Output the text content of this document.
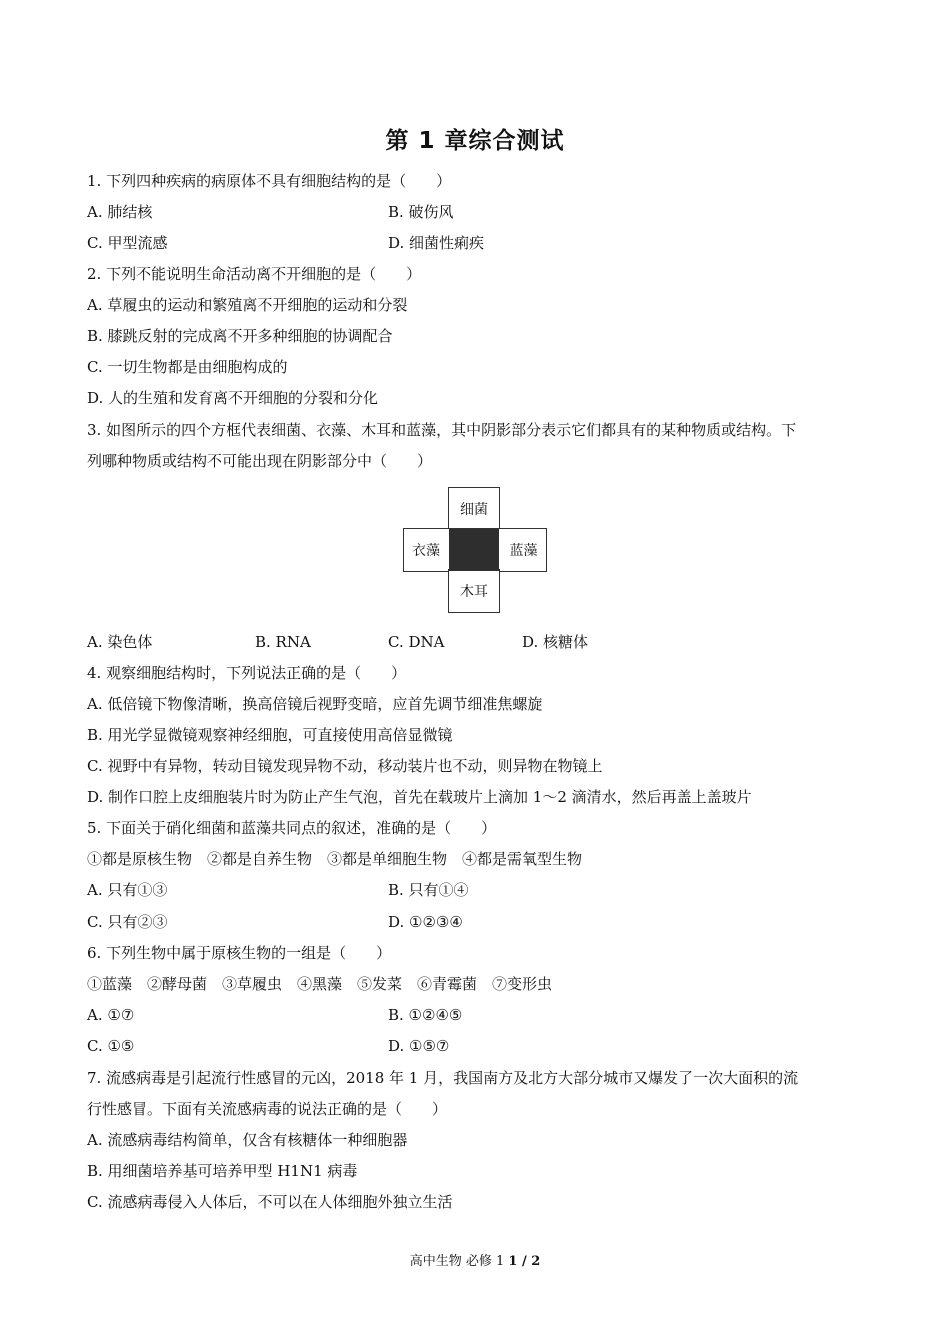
第 1 章综合测试
1. 下列四种疾病的病原体不具有细胞结构的是（　　）
A. 肺结核	B. 破伤风
C. 甲型流感	D. 细菌性痢疾
2. 下列不能说明生命活动离不开细胞的是（　　）
A. 草履虫的运动和繁殖离不开细胞的运动和分裂
B. 膝跳反射的完成离不开多种细胞的协调配合
C. 一切生物都是由细胞构成的
D. 人的生殖和发育离不开细胞的分裂和分化
3. 如图所示的四个方框代表细菌、衣藻、木耳和蓝藻，其中阴影部分表示它们都具有的某种物质或结构。下
列哪种物质或结构不可能出现在阴影部分中（　　）
细菌
木耳
衣藻	蓝藻
A. 染色体	B. RNA	C. DNA	D. 核糖体
4. 观察细胞结构时，下列说法正确的是（　　）
A. 低倍镜下物像清晰，换高倍镜后视野变暗，应首先调节细准焦螺旋
B. 用光学显微镜观察神经细胞，可直接使用高倍显微镜
C. 视野中有异物，转动目镜发现异物不动，移动装片也不动，则异物在物镜上
D. 制作口腔上皮细胞装片时为防止产生气泡，首先在载玻片上滴加 1～2 滴清水，然后再盖上盖玻片
5. 下面关于硝化细菌和蓝藻共同点的叙述，准确的是（　　）
①都是原核生物　②都是自养生物　③都是单细胞生物　④都是需氧型生物
A. 只有①③	B. 只有①④
C. 只有②③	D. ①②③④
6. 下列生物中属于原核生物的一组是（　　）
①蓝藻　②酵母菌　③草履虫　④黑藻　⑤发菜　⑥青霉菌　⑦变形虫
A. ①⑦	B. ①②④⑤
C. ①⑤	D. ①⑤⑦
7. 流感病毒是引起流行性感冒的元凶，2018 年 1 月，我国南方及北方大部分城市又爆发了一次大面积的流
行性感冒。下面有关流感病毒的说法正确的是（　　）
A. 流感病毒结构简单，仅含有核糖体一种细胞器
B. 用细菌培养基可培养甲型 H1N1 病毒
C. 流感病毒侵入人体后，不可以在人体细胞外独立生活
高中生物 必修 1 1 / 2
